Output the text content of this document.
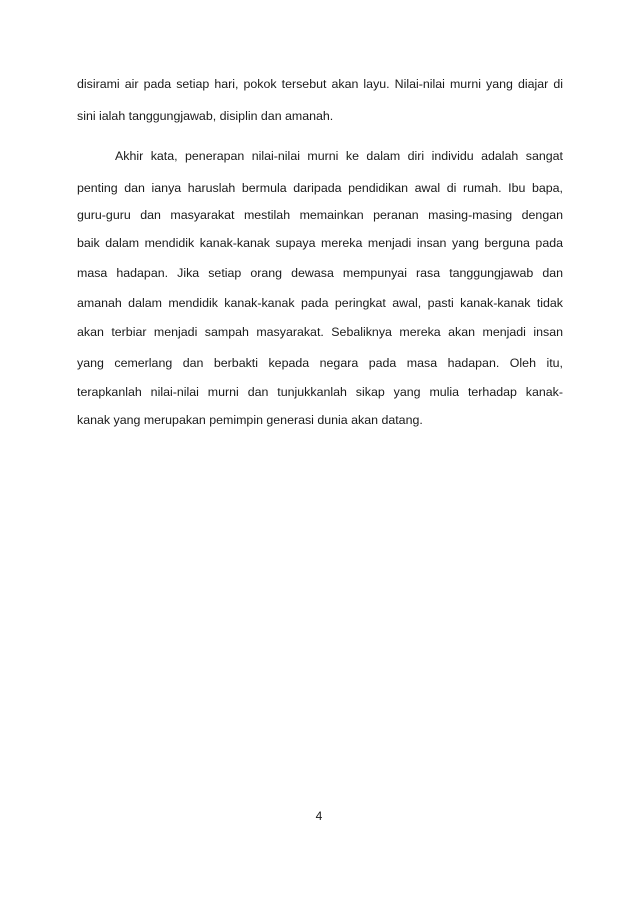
disirami air pada setiap hari, pokok tersebut akan layu. Nilai-nilai murni yang diajar di
sini ialah tanggungjawab, disiplin dan amanah.
Akhir kata, penerapan nilai-nilai murni ke dalam diri individu adalah sangat
penting dan ianya haruslah bermula daripada pendidikan awal di rumah. Ibu bapa,
guru-guru dan masyarakat mestilah memainkan peranan masing-masing dengan
baik dalam mendidik kanak-kanak supaya mereka menjadi insan yang berguna pada
masa hadapan. Jika setiap orang dewasa mempunyai rasa tanggungjawab dan
amanah dalam mendidik kanak-kanak pada peringkat awal, pasti kanak-kanak tidak
akan terbiar menjadi sampah masyarakat. Sebaliknya mereka akan menjadi insan
yang cemerlang dan berbakti kepada negara pada masa hadapan. Oleh itu,
terapkanlah nilai-nilai murni dan tunjukkanlah sikap yang mulia terhadap kanak-
kanak yang merupakan pemimpin generasi dunia akan datang.
4
